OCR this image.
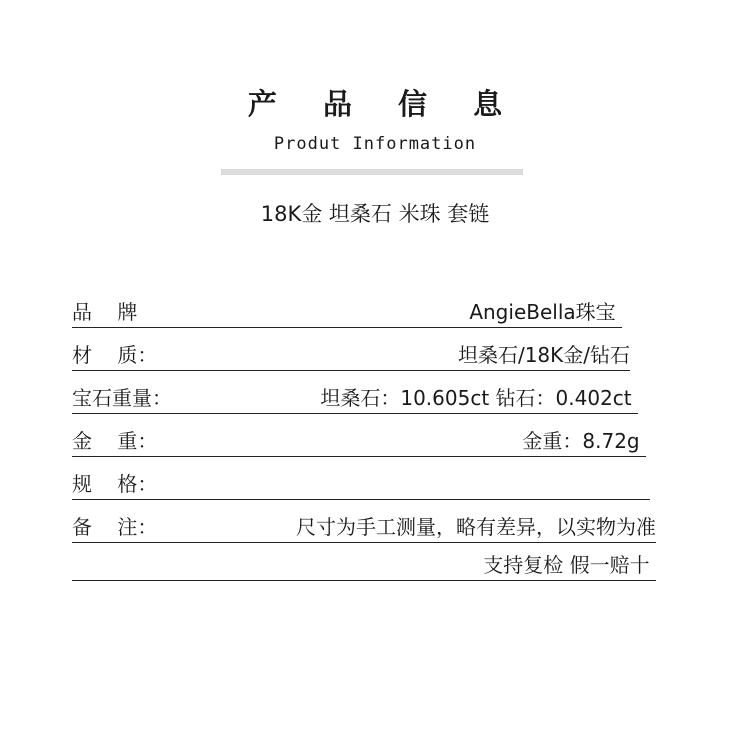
产 品 信 息
Produt Information
18K金 坦桑石 米珠 套链
品    牌	AngieBella珠宝
材    质：	坦桑石/18K金/钻石
宝石重量：	坦桑石：10.605ct 钻石：0.402ct
金    重：	金重：8.72g
规    格：
备    注：	尺寸为手工测量，略有差异，以实物为准
支持复检 假一赔十
